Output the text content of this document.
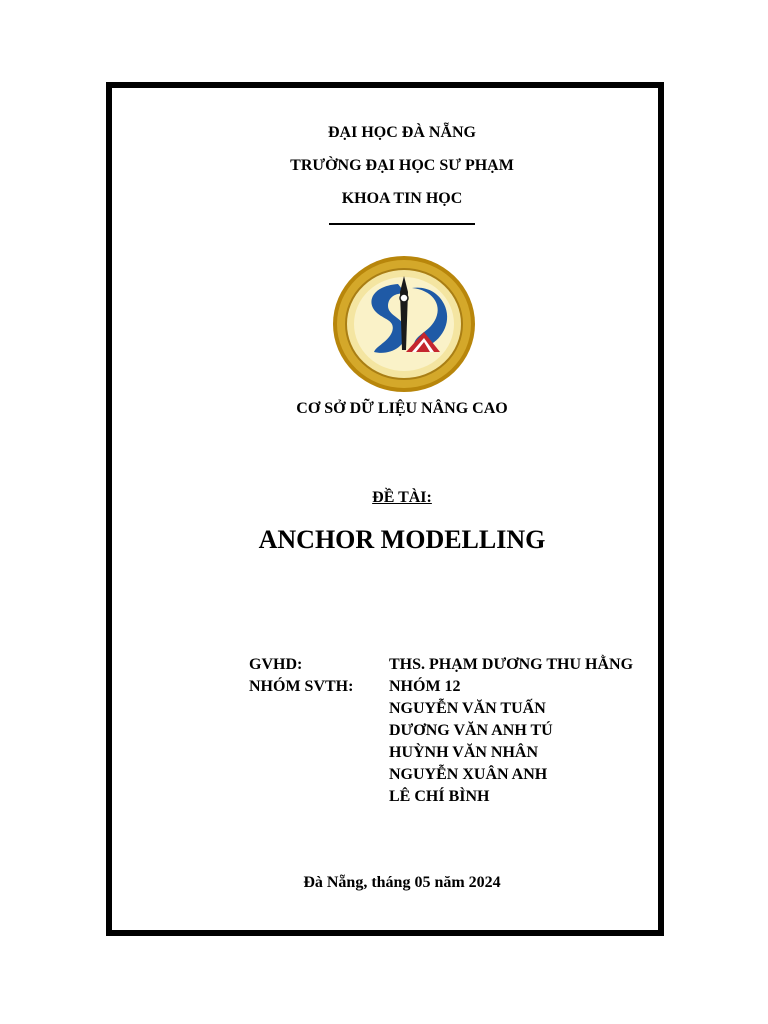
ĐẠI HỌC ĐÀ NẴNG
TRƯỜNG ĐẠI HỌC SƯ PHẠM
KHOA TIN HỌC
CƠ SỞ DỮ LIỆU NÂNG CAO
ĐỀ TÀI:
ANCHOR MODELLING
GVHD:	THS. PHẠM DƯƠNG THU HẰNG
NHÓM SVTH: NHÓM 12
NGUYỄN VĂN TUẤN
DƯƠNG VĂN ANH TÚ
HUỲNH VĂN NHÂN
NGUYỄN XUÂN ANH
LÊ CHÍ BÌNH
Đà Nẵng, tháng 05 năm 2024
